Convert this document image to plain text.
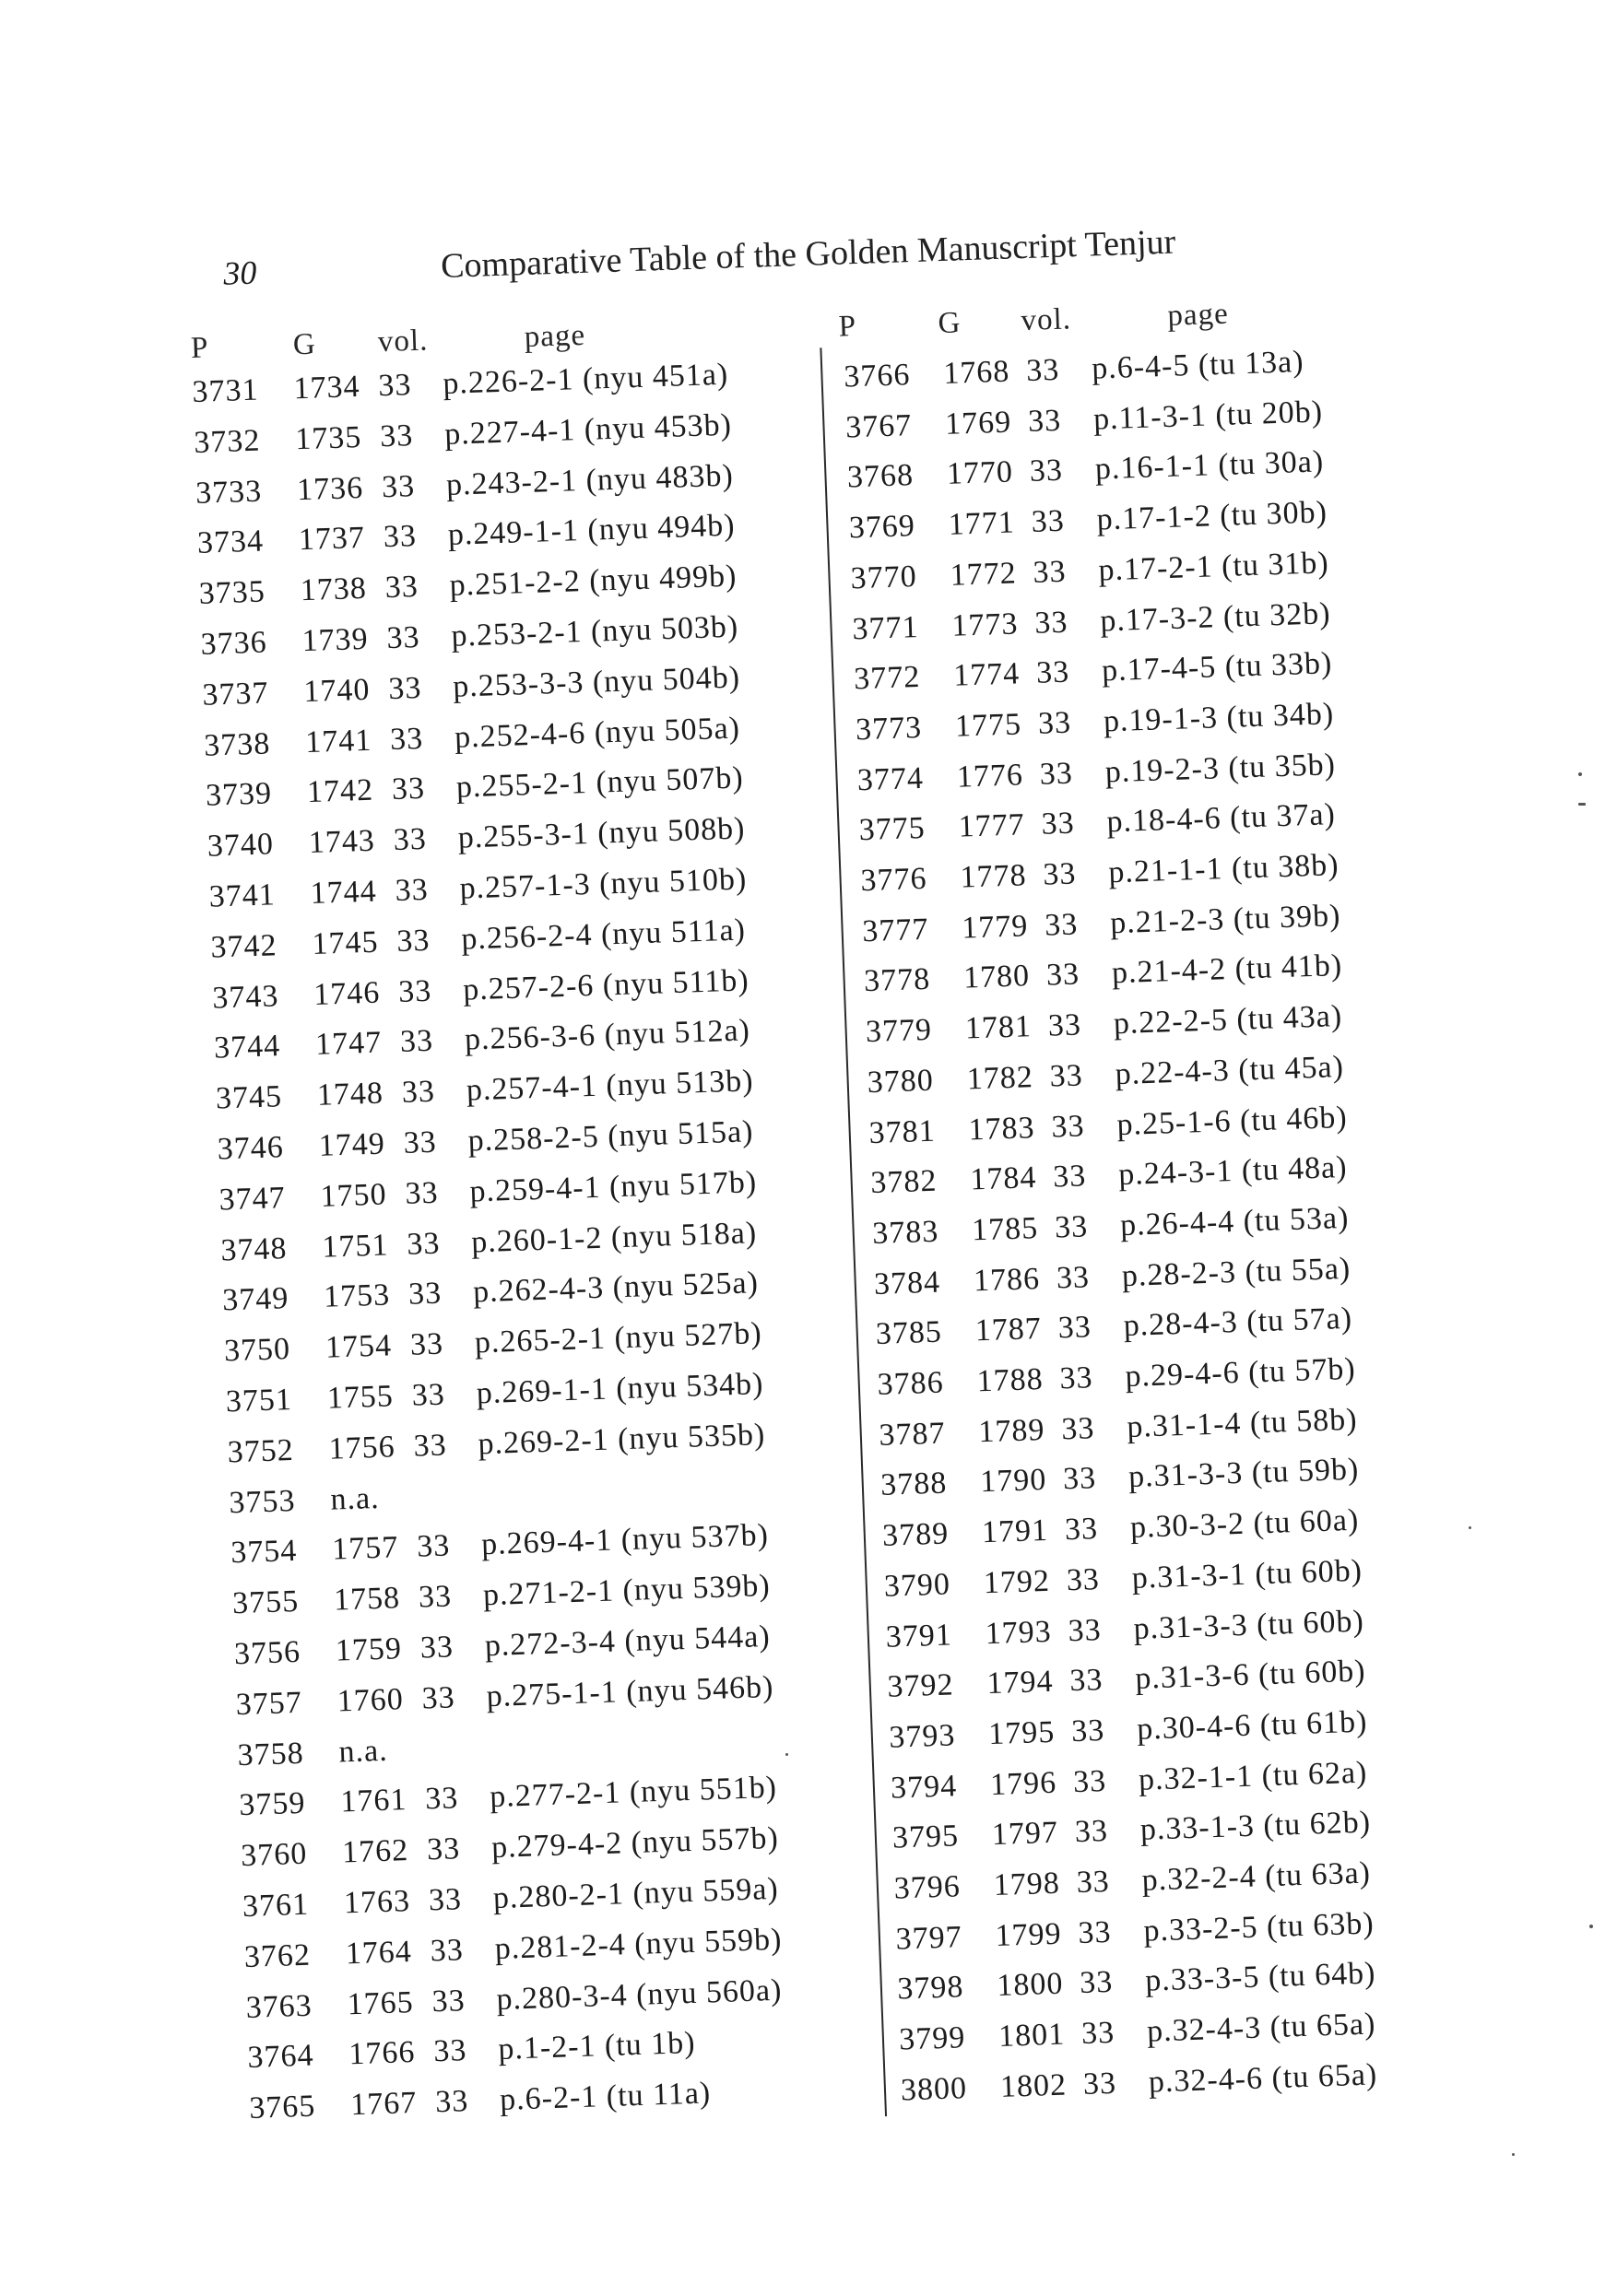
30	Comparative Table of the Golden Manuscript Tenjur
P	G vol.	page
3731 1734 33 p.226-2-1 (nyu 451a)
3732 1735 33 p.227-4-1 (nyu 453b)
3733 1736 33 p.243-2-1 (nyu 483b)
3734 1737 33 p.249-1-1 (nyu 494b)
3735 1738 33 p.251-2-2 (nyu 499b)
3736 1739 33 p.253-2-1 (nyu 503b)
3737 1740 33 p.253-3-3 (nyu 504b)
3738 1741 33 p.252-4-6 (nyu 505a)
3739 1742 33 p.255-2-1 (nyu 507b)
3740 1743 33 p.255-3-1 (nyu 508b)
3741 1744 33 p.257-1-3 (nyu 510b)
3742 1745 33 p.256-2-4 (nyu 511a)
3743 1746 33 p.257-2-6 (nyu 511b)
3744 1747 33 p.256-3-6 (nyu 512a)
3745 1748 33 p.257-4-1 (nyu 513b)
3746 1749 33 p.258-2-5 (nyu 515a)
3747 1750 33 p.259-4-1 (nyu 517b)
3748 1751 33 p.260-1-2 (nyu 518a)
3749 1753 33 p.262-4-3 (nyu 525a)
3750 1754 33 p.265-2-1 (nyu 527b)
3751 1755 33 p.269-1-1 (nyu 534b)
3752 1756 33 p.269-2-1 (nyu 535b)
3753 n.a.
3754 1757 33 p.269-4-1 (nyu 537b)
3755 1758 33 p.271-2-1 (nyu 539b)
3756 1759 33 p.272-3-4 (nyu 544a)
3757 1760 33 p.275-1-1 (nyu 546b)
3758 n.a.
3759 1761 33 p.277-2-1 (nyu 551b)
3760 1762 33 p.279-4-2 (nyu 557b)
3761 1763 33 p.280-2-1 (nyu 559a)
3762 1764 33 p.281-2-4 (nyu 559b)
3763 1765 33 p.280-3-4 (nyu 560a)
3764 1766 33 p.1-2-1 (tu 1b)
3765 1767 33 p.6-2-1 (tu 11a)
P	G vol.	page
3766 1768 33 p.6-4-5 (tu 13a)
3767 1769 33 p.11-3-1 (tu 20b)
3768 1770 33 p.16-1-1 (tu 30a)
3769 1771 33 p.17-1-2 (tu 30b)
3770 1772 33 p.17-2-1 (tu 31b)
3771 1773 33 p.17-3-2 (tu 32b)
3772 1774 33 p.17-4-5 (tu 33b)
3773 1775 33 p.19-1-3 (tu 34b)
3774 1776 33 p.19-2-3 (tu 35b)
3775 1777 33 p.18-4-6 (tu 37a)
3776 1778 33 p.21-1-1 (tu 38b)
3777 1779 33 p.21-2-3 (tu 39b)
3778 1780 33 p.21-4-2 (tu 41b)
3779 1781 33 p.22-2-5 (tu 43a)
3780 1782 33 p.22-4-3 (tu 45a)
3781 1783 33 p.25-1-6 (tu 46b)
3782 1784 33 p.24-3-1 (tu 48a)
3783 1785 33 p.26-4-4 (tu 53a)
3784 1786 33 p.28-2-3 (tu 55a)
3785 1787 33 p.28-4-3 (tu 57a)
3786 1788 33 p.29-4-6 (tu 57b)
3787 1789 33 p.31-1-4 (tu 58b)
3788 1790 33 p.31-3-3 (tu 59b)
3789 1791 33 p.30-3-2 (tu 60a)
3790 1792 33 p.31-3-1 (tu 60b)
3791 1793 33 p.31-3-3 (tu 60b)
3792 1794 33 p.31-3-6 (tu 60b)
3793 1795 33 p.30-4-6 (tu 61b)
3794 1796 33 p.32-1-1 (tu 62a)
3795 1797 33 p.33-1-3 (tu 62b)
3796 1798 33 p.32-2-4 (tu 63a)
3797 1799 33 p.33-2-5 (tu 63b)
3798 1800 33 p.33-3-5 (tu 64b)
3799 1801 33 p.32-4-3 (tu 65a)
3800 1802 33 p.32-4-6 (tu 65a)
